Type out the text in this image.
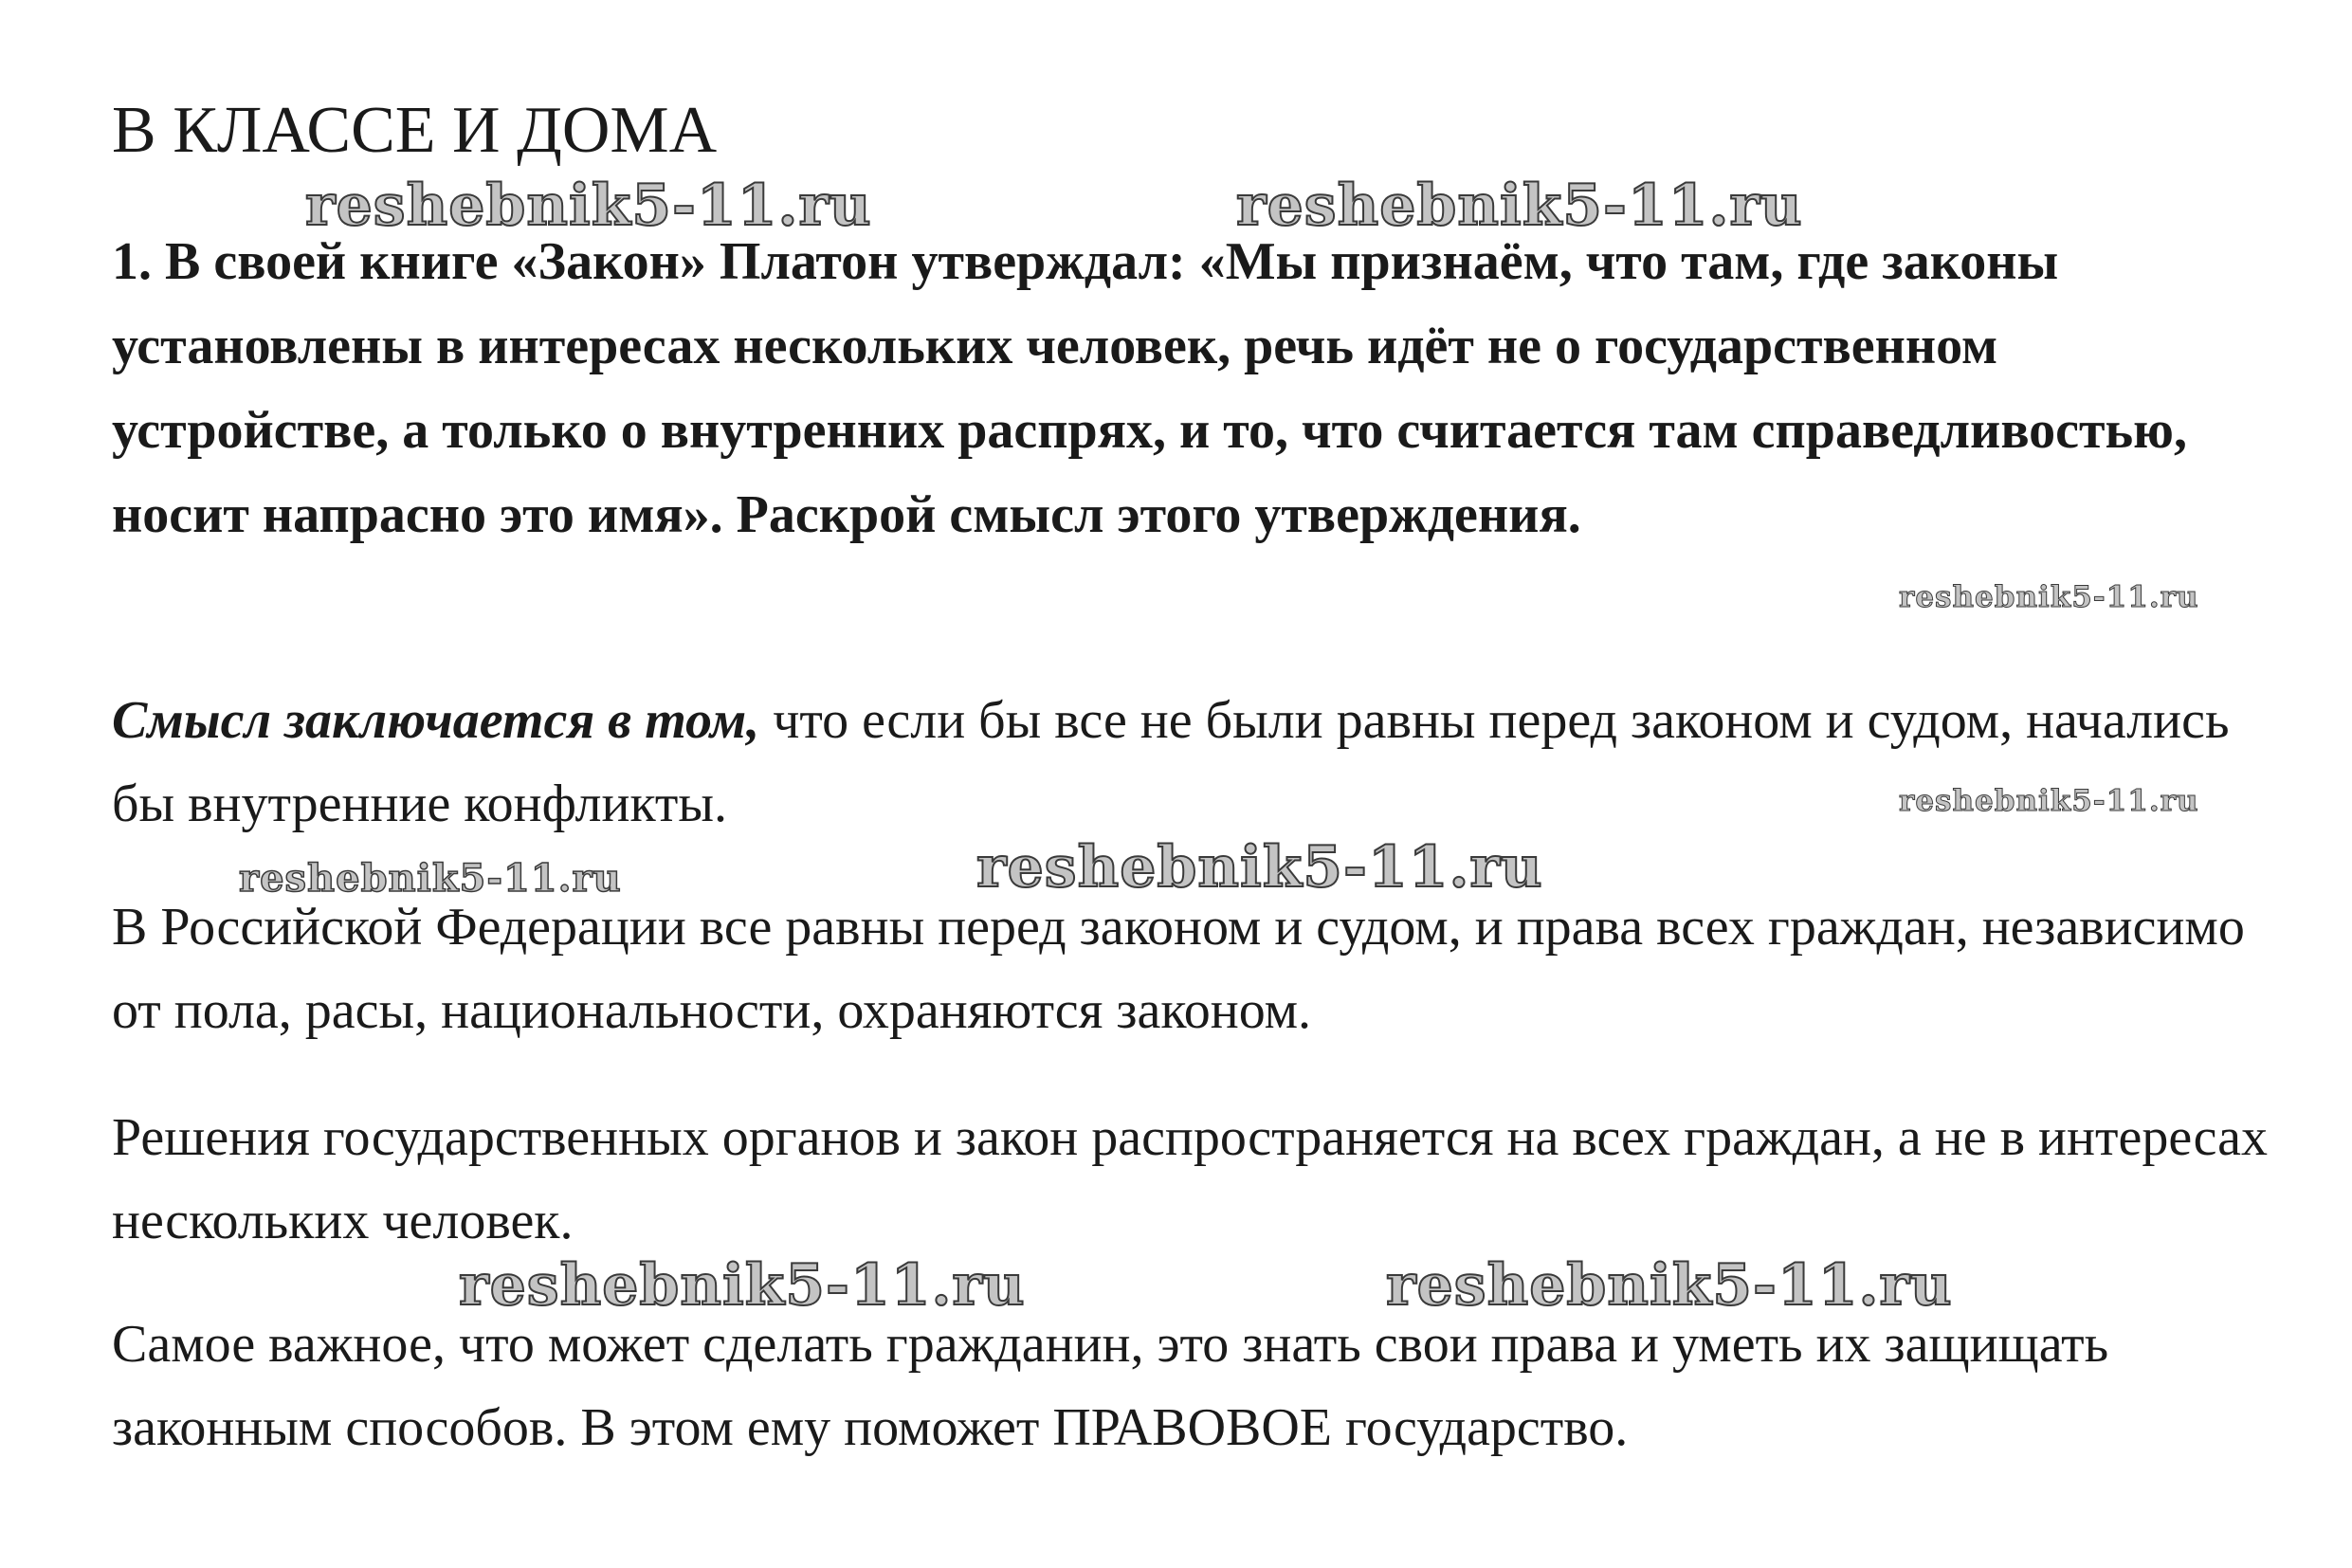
В КЛАССЕ И ДОМА

1. В своей книге «Закон» Платон утверждал: «Мы признаём, что там, где законы установлены в интересах нескольких человек, речь идёт не о государственном устройстве, а только о внутренних распрях, и то, что считается там справедливостью, носит напрасно это имя». Раскрой смысл этого утверждения.

Смысл заключается в том, что если бы все не были равны перед законом и судом, начались бы внутренние конфликты.

В Российской Федерации все равны перед законом и судом, и права всех граждан, независимо от пола, расы, национальности, охраняются законом.

Решения государственных органов и закон распространяется на всех граждан, а не в интересах нескольких человек.

Самое важное, что может сделать гражданин, это знать свои права и уметь их защищать законным способов. В этом ему поможет ПРАВОВОЕ государство.

reshebnik5-11.ru	reshebnik5-11.ru
reshebnik5-11.ru
reshebnik5-11.ru
reshebnik5-11.ru	reshebnik5-11.ru
reshebnik5-11.ru	reshebnik5-11.ru
